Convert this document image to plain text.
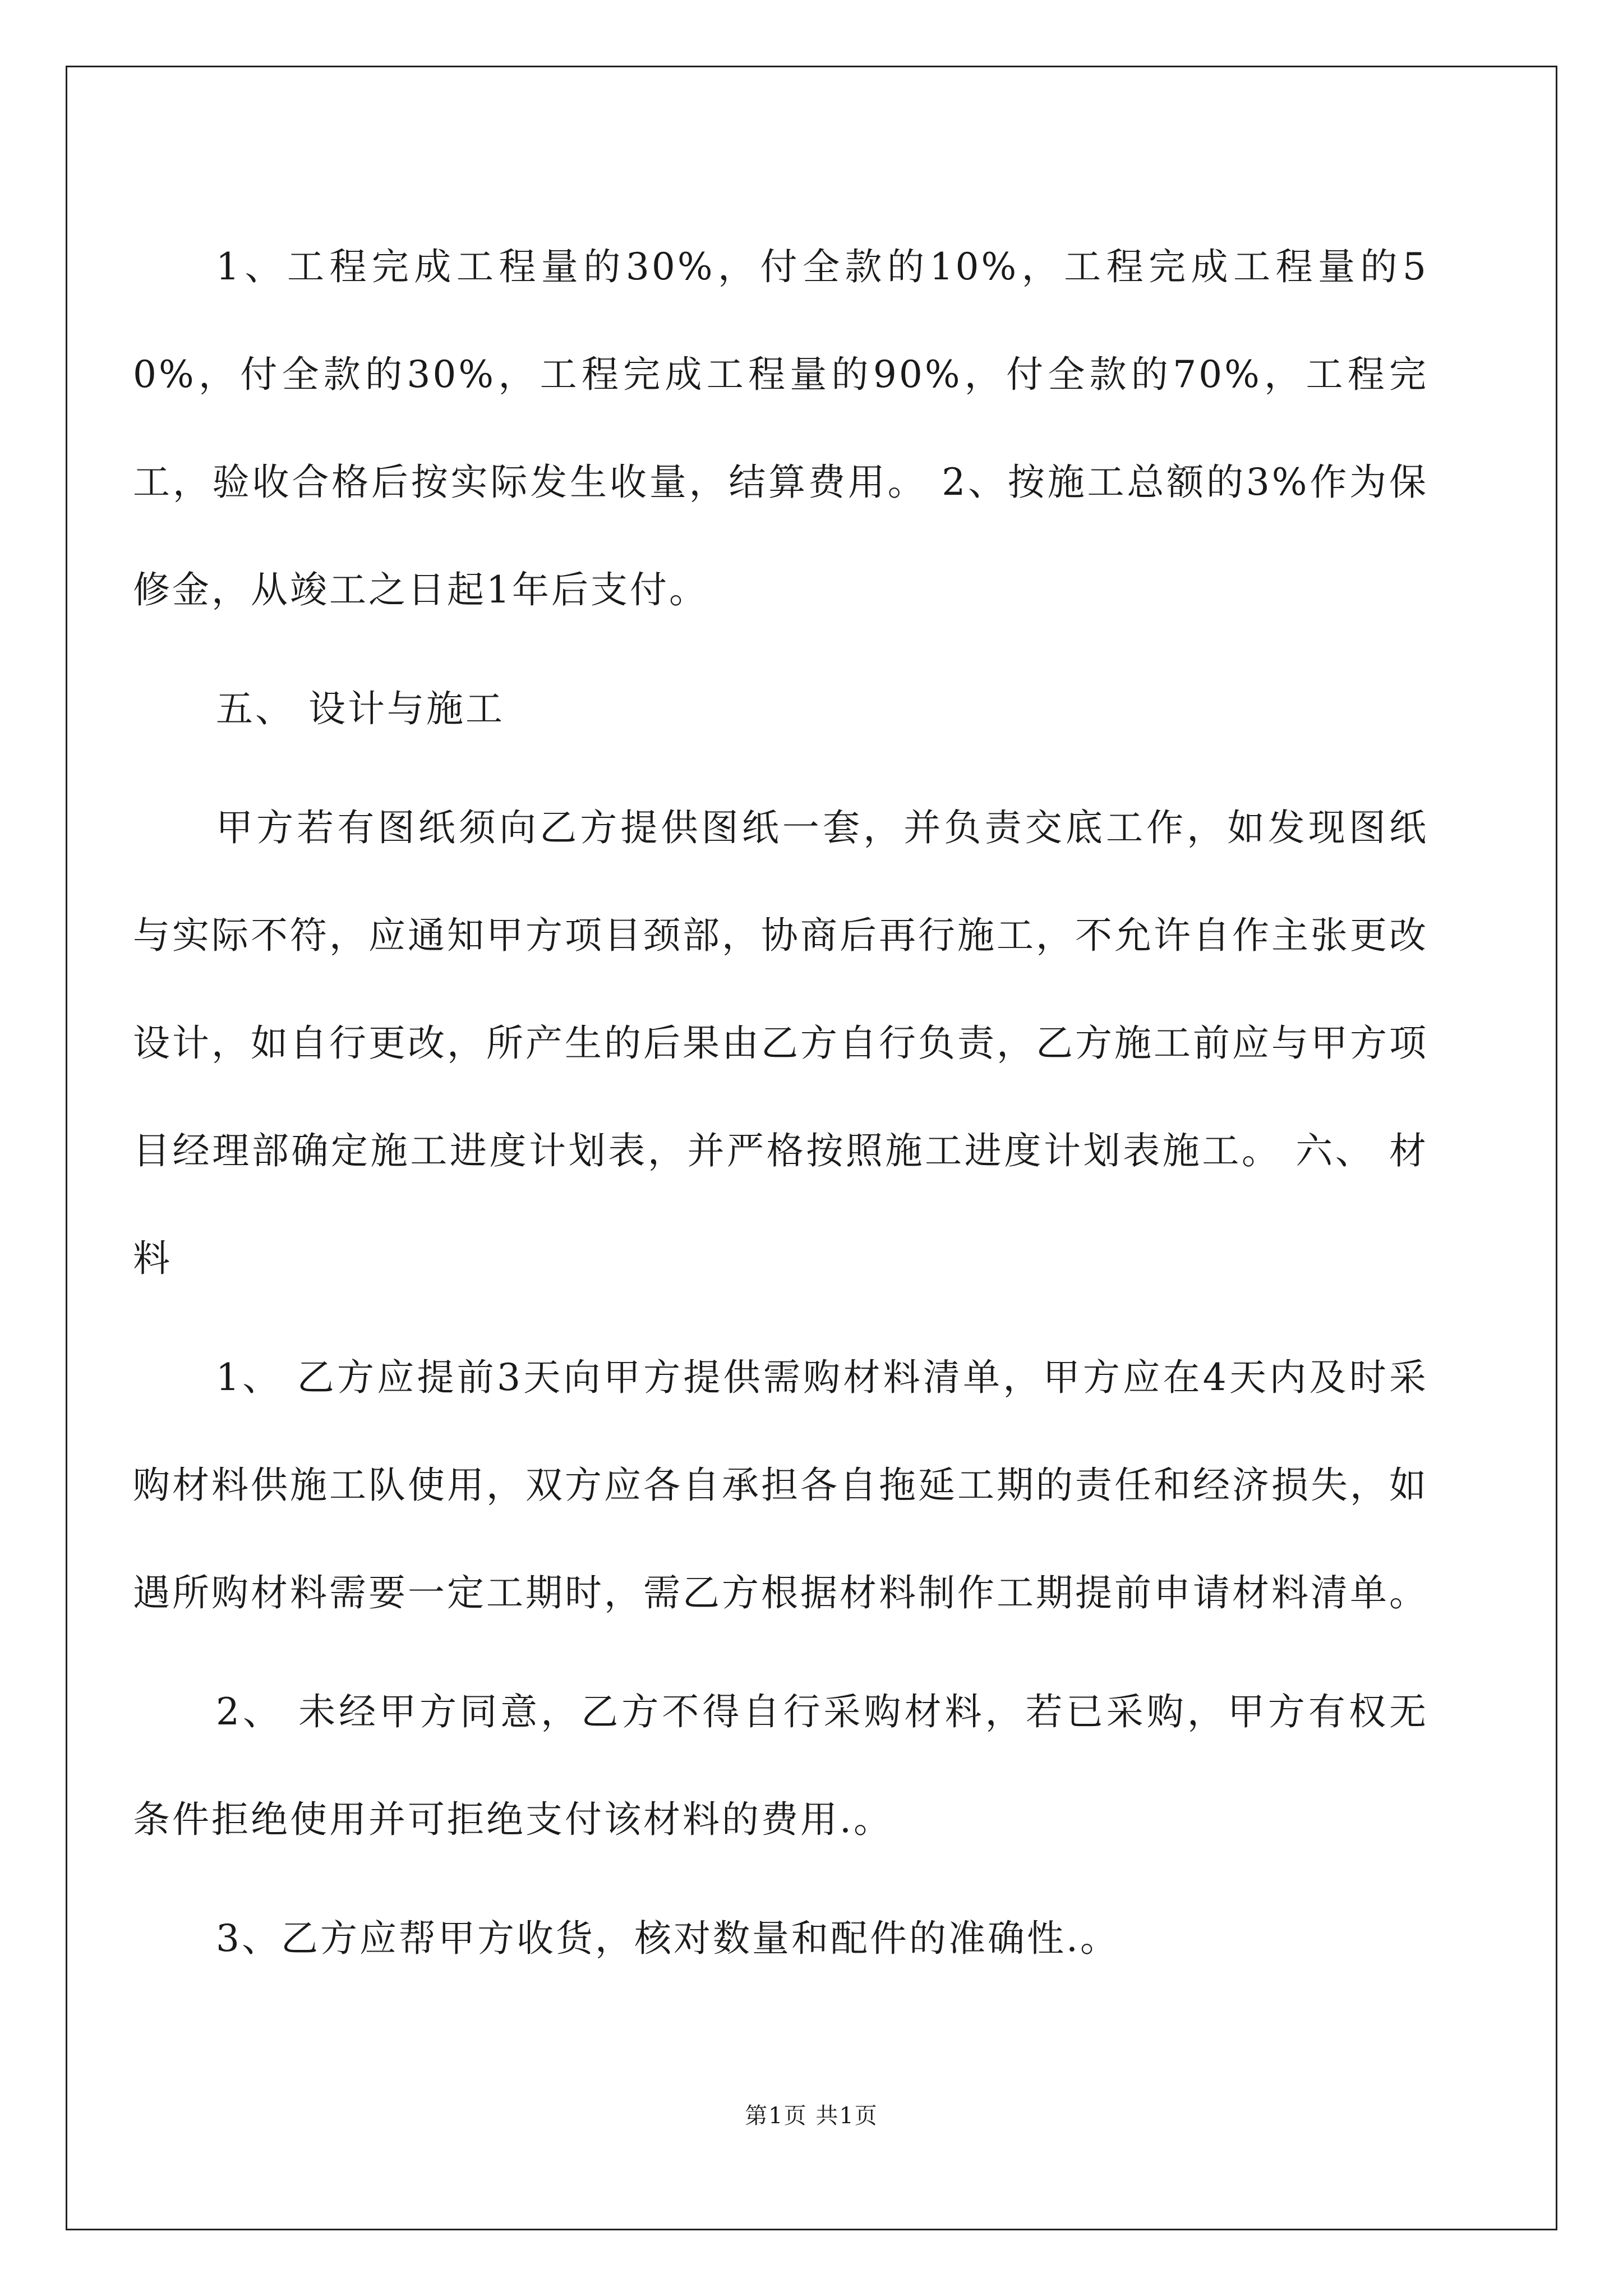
1、工程完成工程量的30%，付全款的10%，工程完成工程量的50%，付全款的30%，工程完成工程量的90%，付全款的70%，工程完工，验收合格后按实际发生收量，结算费用。 2、按施工总额的3%作为保修金，从竣工之日起1年后支付。

五、 设计与施工

甲方若有图纸须向乙方提供图纸一套，并负责交底工作，如发现图纸与实际不符，应通知甲方项目颈部，协商后再行施工，不允许自作主张更改设计，如自行更改，所产生的后果由乙方自行负责，乙方施工前应与甲方项目经理部确定施工进度计划表，并严格按照施工进度计划表施工。 六、 材料

1、 乙方应提前3天向甲方提供需购材料清单，甲方应在4天内及时采购材料供施工队使用，双方应各自承担各自拖延工期的责任和经济损失，如遇所购材料需要一定工期时，需乙方根据材料制作工期提前申请材料清单。

2、 未经甲方同意，乙方不得自行采购材料，若已采购，甲方有权无条件拒绝使用并可拒绝支付该材料的费用.。

3、乙方应帮甲方收货，核对数量和配件的准确性.。

第1页 共1页
